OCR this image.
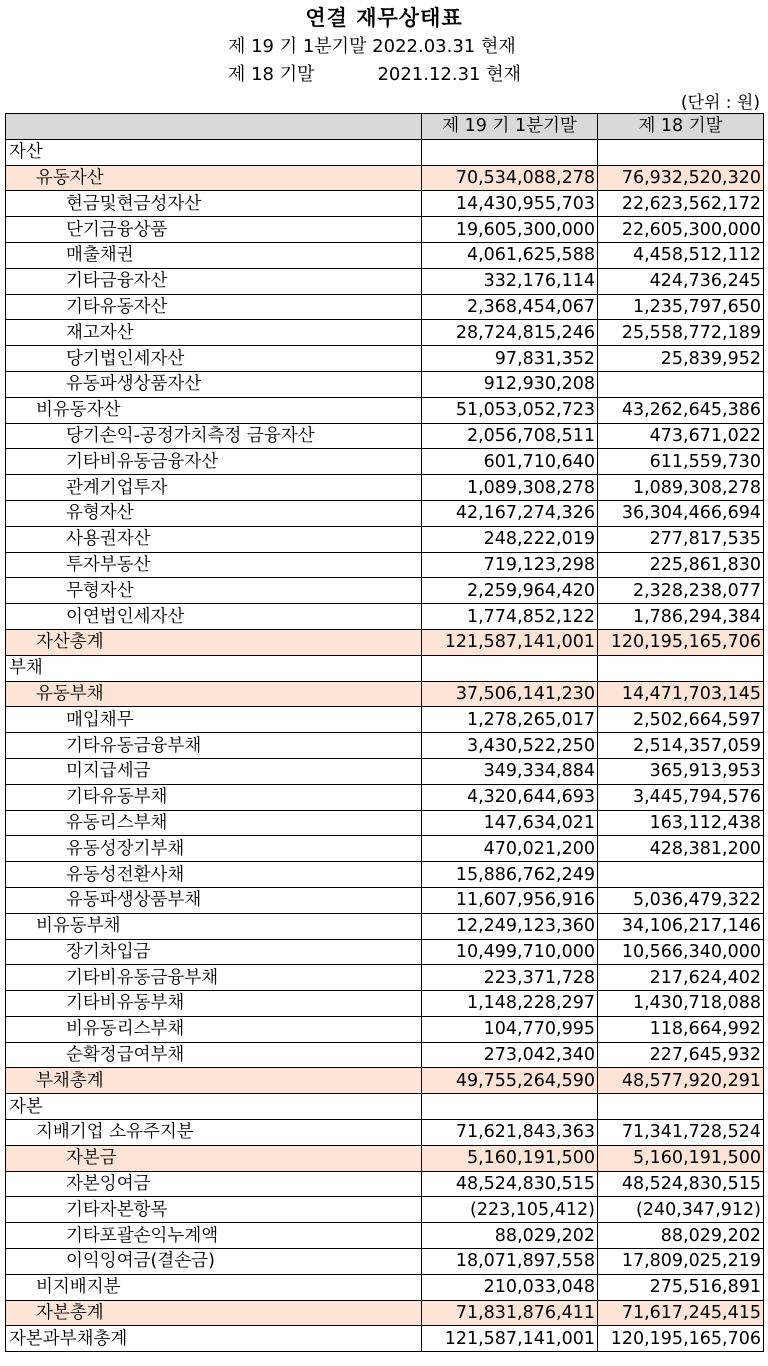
연결 재무상태표
제 19 기 1분기말 2022.03.31 현재
제 18 기말           2021.12.31 현재
(단위 : 원)
	제 19 기 1분기말	제 18 기말
자산		
유동자산	70,534,088,278	76,932,520,320
현금및현금성자산	14,430,955,703	22,623,562,172
단기금융상품	19,605,300,000	22,605,300,000
매출채권	4,061,625,588	4,458,512,112
기타금융자산	332,176,114	424,736,245
기타유동자산	2,368,454,067	1,235,797,650
재고자산	28,724,815,246	25,558,772,189
당기법인세자산	97,831,352	25,839,952
유동파생상품자산	912,930,208	
비유동자산	51,053,052,723	43,262,645,386
당기손익-공정가치측정 금융자산	2,056,708,511	473,671,022
기타비유동금융자산	601,710,640	611,559,730
관계기업투자	1,089,308,278	1,089,308,278
유형자산	42,167,274,326	36,304,466,694
사용권자산	248,222,019	277,817,535
투자부동산	719,123,298	225,861,830
무형자산	2,259,964,420	2,328,238,077
이연법인세자산	1,774,852,122	1,786,294,384
자산총계	121,587,141,001	120,195,165,706
부채		
유동부채	37,506,141,230	14,471,703,145
매입채무	1,278,265,017	2,502,664,597
기타유동금융부채	3,430,522,250	2,514,357,059
미지급세금	349,334,884	365,913,953
기타유동부채	4,320,644,693	3,445,794,576
유동리스부채	147,634,021	163,112,438
유동성장기부채	470,021,200	428,381,200
유동성전환사채	15,886,762,249	
유동파생상품부채	11,607,956,916	5,036,479,322
비유동부채	12,249,123,360	34,106,217,146
장기차입금	10,499,710,000	10,566,340,000
기타비유동금융부채	223,371,728	217,624,402
기타비유동부채	1,148,228,297	1,430,718,088
비유동리스부채	104,770,995	118,664,992
순확정급여부채	273,042,340	227,645,932
부채총계	49,755,264,590	48,577,920,291
자본		
지배기업 소유주지분	71,621,843,363	71,341,728,524
자본금	5,160,191,500	5,160,191,500
자본잉여금	48,524,830,515	48,524,830,515
기타자본항목	(223,105,412)	(240,347,912)
기타포괄손익누계액	88,029,202	88,029,202
이익잉여금(결손금)	18,071,897,558	17,809,025,219
비지배지분	210,033,048	275,516,891
자본총계	71,831,876,411	71,617,245,415
자본과부채총계	121,587,141,001	120,195,165,706
